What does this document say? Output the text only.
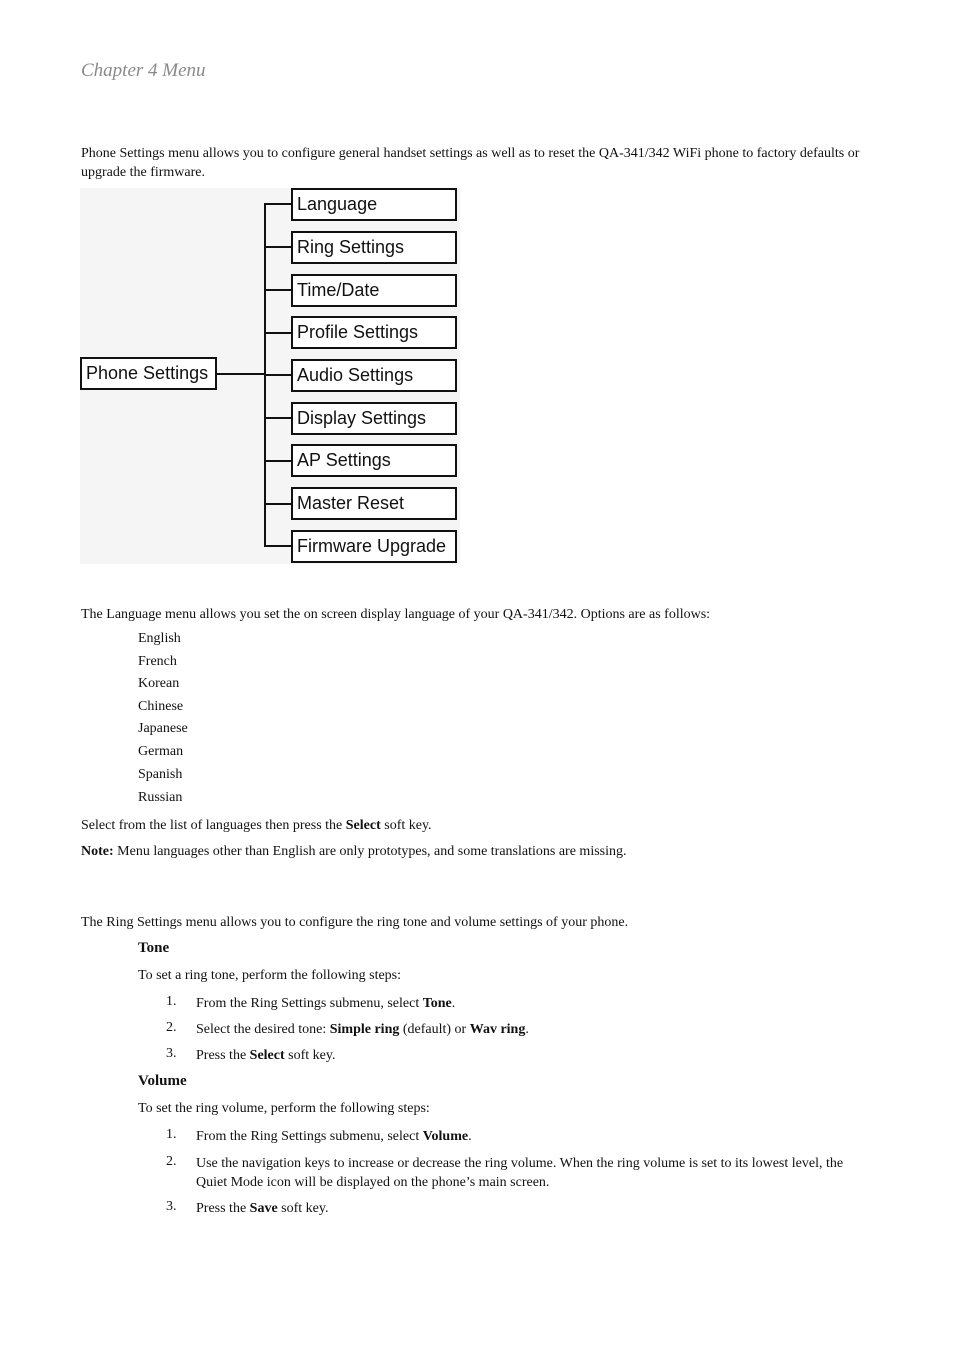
Chapter 4 Menu
Phone Settings menu allows you to configure general handset settings as well as to reset the QA-341/342 WiFi phone to factory defaults or upgrade the firmware.
Phone Settings
Language
Ring Settings
Time/Date
Profile Settings
Audio Settings
Display Settings
AP Settings
Master Reset
Firmware Upgrade
The Language menu allows you set the on screen display language of your QA-341/342. Options are as follows:
English
French
Korean
Chinese
Japanese
German
Spanish
Russian
Select from the list of languages then press the Select soft key.
Note: Menu languages other than English are only prototypes, and some translations are missing.
The Ring Settings menu allows you to configure the ring tone and volume settings of your phone.
Tone
To set a ring tone, perform the following steps:
1. From the Ring Settings submenu, select Tone.
2. Select the desired tone: Simple ring (default) or Wav ring.
3. Press the Select soft key.
Volume
To set the ring volume, perform the following steps:
1. From the Ring Settings submenu, select Volume.
2. Use the navigation keys to increase or decrease the ring volume. When the ring volume is set to its lowest level, the Quiet Mode icon will be displayed on the phone’s main screen.
3. Press the Save soft key.
